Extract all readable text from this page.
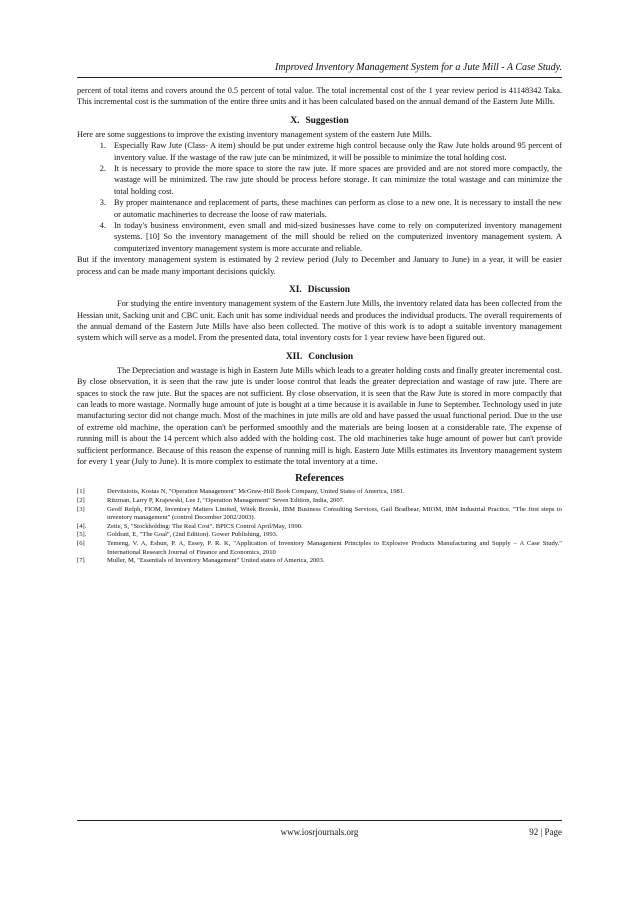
Improved Inventory Management System for a Jute Mill - A Case Study.

percent of total items and covers around the 0.5 percent of total value. The total incremental cost of the 1 year review period is 41148342 Taka. This incremental cost is the summation of the entire three units and it has been calculated based on the annual demand of the Eastern Jute Mills.

X. Suggestion

Here are some suggestions to improve the existing inventory management system of the eastern Jute Mills.

1. Especially Raw Jute (Class- A item) should be put under extreme high control because only the Raw Jute holds around 95 percent of inventory value. If the wastage of the raw jute can be minimized, it will be possible to minimize the total holding cost.
2. It is necessary to provide the more space to store the raw jute. If more spaces are provided and are not stored more compactly, the wastage will be minimized. The raw jute should be process before storage. It can minimize the total wastage and can minimize the total holding cost.
3. By proper maintenance and replacement of parts, these machines can perform as close to a new one. It is necessary to install the new or automatic machineries to decrease the loose of raw materials.
4. In today's business environment, even small and mid-sized businesses have come to rely on computerized inventory management systems. [10] So the inventory management of the mill should be relied on the computerized inventory management system. A computerized inventory management system is more accurate and reliable.

But if the inventory management system is estimated by 2 review period (July to December and January to June) in a year, it will be easier process and can be made many important decisions quickly.

XI. Discussion

For studying the entire inventory management system of the Eastern Jute Mills, the inventory related data has been collected from the Hessian unit, Sacking unit and CBC unit. Each unit has some individual needs and produces the individual products. The overall requirements of the annual demand of the Eastern Jute Mills have also been collected. The motive of this work is to adopt a suitable inventory management system which will serve as a model. From the presented data, total inventory costs for 1 year review have been figured out.

XII. Conclusion

The Depreciation and wastage is high in Eastern Jute Mills which leads to a greater holding costs and finally greater incremental cost. By close observation, it is seen that the raw jute is under loose control that leads the greater depreciation and wastage of raw jute. There are spaces to stock the raw jute. But the spaces are not sufficient. By close observation, it is seen that the Raw Jute is stored in more compactly that can leads to more wastage. Normally huge amount of jute is bought at a time because it is available in June to September. Technology used in jute manufacturing sector did not change much. Most of the machines in jute mills are old and have passed the usual functional period. Due to the use of extreme old machine, the operation can't be performed smoothly and the materials are being loosen at a considerable rate. The expense of running mill is about the 14 percent which also added with the holding cost. The old machineries take huge amount of power but can't provide sufficient performance. Because of this reason the expense of running mill is high. Eastern Jute Mills estimates its Inventory management system for every 1 year (July to June). It is more complex to estimate the total inventory at a time.

References
[1]	Dervitsiotis, Kostas N, "Operation Management" McGraw-Hill Book Company, United States of America, 1981.
[2]	Ritzman, Larry P, Krajewski, Lee J, "Operation Management" Seven Edition, India, 2007.
[3]	Geoff Relph, FIOM, Inventory Matters Limited, Witek Brzeski, IBM Business Consulting Services, Gail Bradbear, MIOM, IBM Industrial Practice. "The first steps to inventory management" (control December 2002/2003).
[4].	Zetie, S, "Stockholding: The Real Cost". BPICS Control April/May, 1990.
[5].	Goldratt, E, "The Goal", (2nd Edition). Gower Publishing, 1993.
[6]	Temeng, V. A, Eshun, P. A, Essey, P. R. K, "Application of Inventory Management Principles to Explosive Products Manufacturing and Supply – A Case Study." International Research Journal of Finance and Economics, 2010
[7]	Muller, M, "Essentials of Inventory Management" United states of America, 2003.
www.iosrjournals.org	92 | Page
